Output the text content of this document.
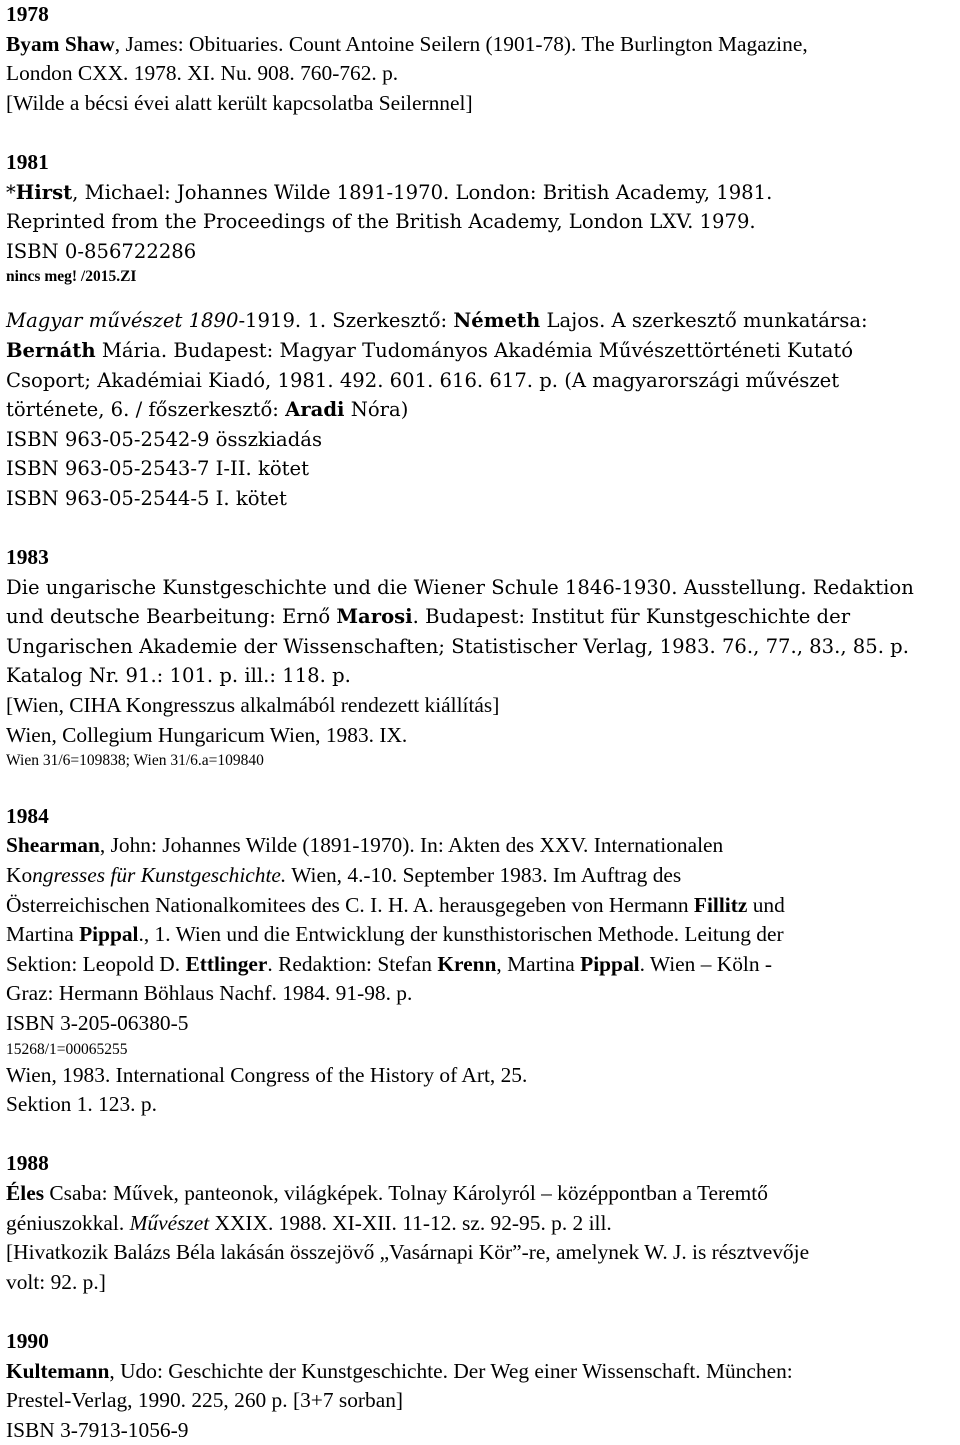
1978
Byam Shaw, James: Obituaries. Count Antoine Seilern (1901-78). The Burlington Magazine,
London CXX. 1978. XI. Nu. 908. 760-762. p.
[Wilde a bécsi évei alatt került kapcsolatba Seilernnel]
1981
*Hirst, Michael: Johannes Wilde 1891-1970. London: British Academy, 1981.
Reprinted from the Proceedings of the British Academy, London LXV. 1979.
ISBN 0-856722286
nincs meg! /2015.ZI
Magyar művészet 1890-1919. 1. Szerkesztő: Németh Lajos. A szerkesztő munkatársa:
Bernáth Mária. Budapest: Magyar Tudományos Akadémia Művészettörténeti Kutató
Csoport; Akadémiai Kiadó, 1981. 492. 601. 616. 617. p. (A magyarországi művészet
története, 6. / főszerkesztő: Aradi Nóra)
ISBN 963-05-2542-9 összkiadás
ISBN 963-05-2543-7 I-II. kötet
ISBN 963-05-2544-5 I. kötet
1983
Die ungarische Kunstgeschichte und die Wiener Schule 1846-1930. Ausstellung. Redaktion
und deutsche Bearbeitung: Ernő Marosi. Budapest: Institut für Kunstgeschichte der
Ungarischen Akademie der Wissenschaften; Statistischer Verlag, 1983. 76., 77., 83., 85. p.
Katalog Nr. 91.: 101. p. ill.: 118. p.
[Wien, CIHA Kongresszus alkalmából rendezett kiállítás]
Wien, Collegium Hungaricum Wien, 1983. IX.
Wien 31/6=109838; Wien 31/6.a=109840
1984
Shearman, John: Johannes Wilde (1891-1970). In: Akten des XXV. Internationalen
Kongresses für Kunstgeschichte. Wien, 4.-10. September 1983. Im Auftrag des
Österreichischen Nationalkomitees des C. I. H. A. herausgegeben von Hermann Fillitz und
Martina Pippal., 1. Wien und die Entwicklung der kunsthistorischen Methode. Leitung der
Sektion: Leopold D. Ettlinger. Redaktion: Stefan Krenn, Martina Pippal. Wien – Köln -
Graz: Hermann Böhlaus Nachf. 1984. 91-98. p.
ISBN 3-205-06380-5
15268/1=00065255
Wien, 1983. International Congress of the History of Art, 25.
Sektion 1. 123. p.
1988
Éles Csaba: Művek, panteonok, világképek. Tolnay Károlyról – középpontban a Teremtő
géniuszokkal. Művészet XXIX. 1988. XI-XII. 11-12. sz. 92-95. p. 2 ill.
[Hivatkozik Balázs Béla lakásán összejövő „Vasárnapi Kör”-re, amelynek W. J. is résztvevője
volt: 92. p.]
1990
Kultemann, Udo: Geschichte der Kunstgeschichte. Der Weg einer Wissenschaft. München:
Prestel-Verlag, 1990. 225, 260 p. [3+7 sorban]
ISBN 3-7913-1056-9
